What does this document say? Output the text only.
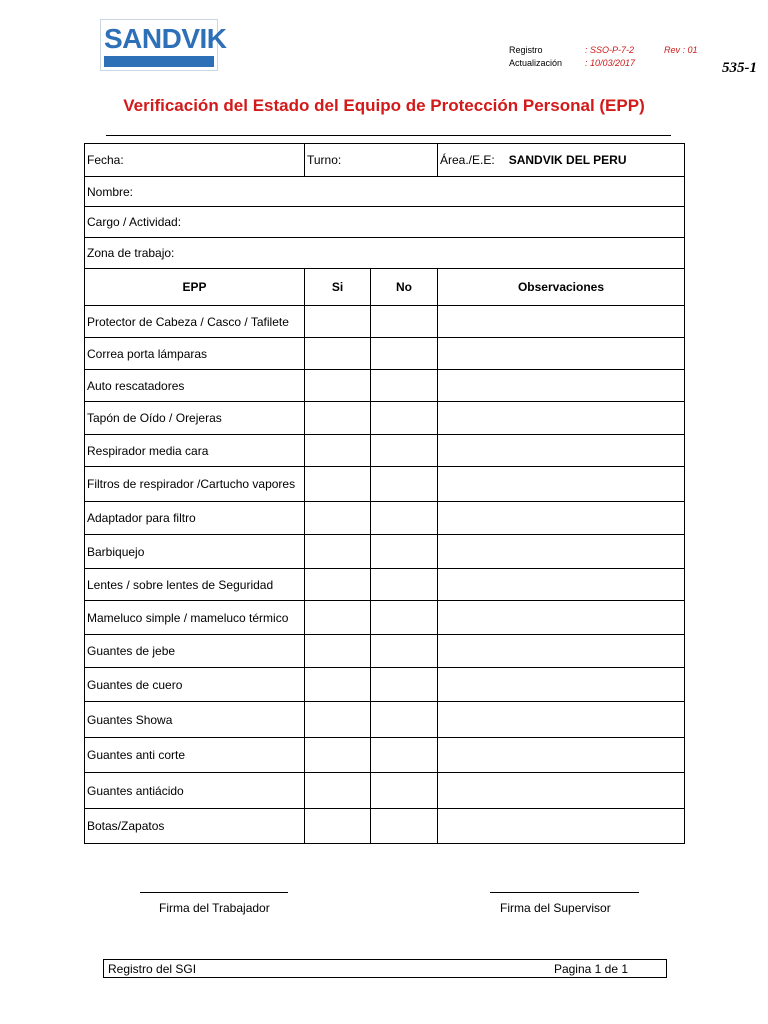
SANDVIK	Registro	: SSO-P-7-2	Rev : 01
Actualización	: 10/03/2017	535-1
Verificación del Estado del Equipo de Protección Personal (EPP)
Fecha:	Turno:		Área./E.E: SANDVIK DEL PERU
Nombre:			
Cargo / Actividad:			
Zona de trabajo:			
EPP	Si	No	Observaciones
Protector de Cabeza / Casco / Tafilete			
Correa porta lámparas			
Auto rescatadores			
Tapón de Oído / Orejeras			
Respirador media cara			
Filtros de respirador /Cartucho vapores			
Adaptador para filtro			
Barbiquejo			
Lentes / sobre lentes de Seguridad			
Mameluco simple / mameluco térmico			
Guantes de jebe			
Guantes de cuero			
Guantes Showa			
Guantes anti corte			
Guantes antiácido			
Botas/Zapatos			
Firma del Trabajador	Firma del Supervisor
Registro del SGI	Pagina 1 de 1
